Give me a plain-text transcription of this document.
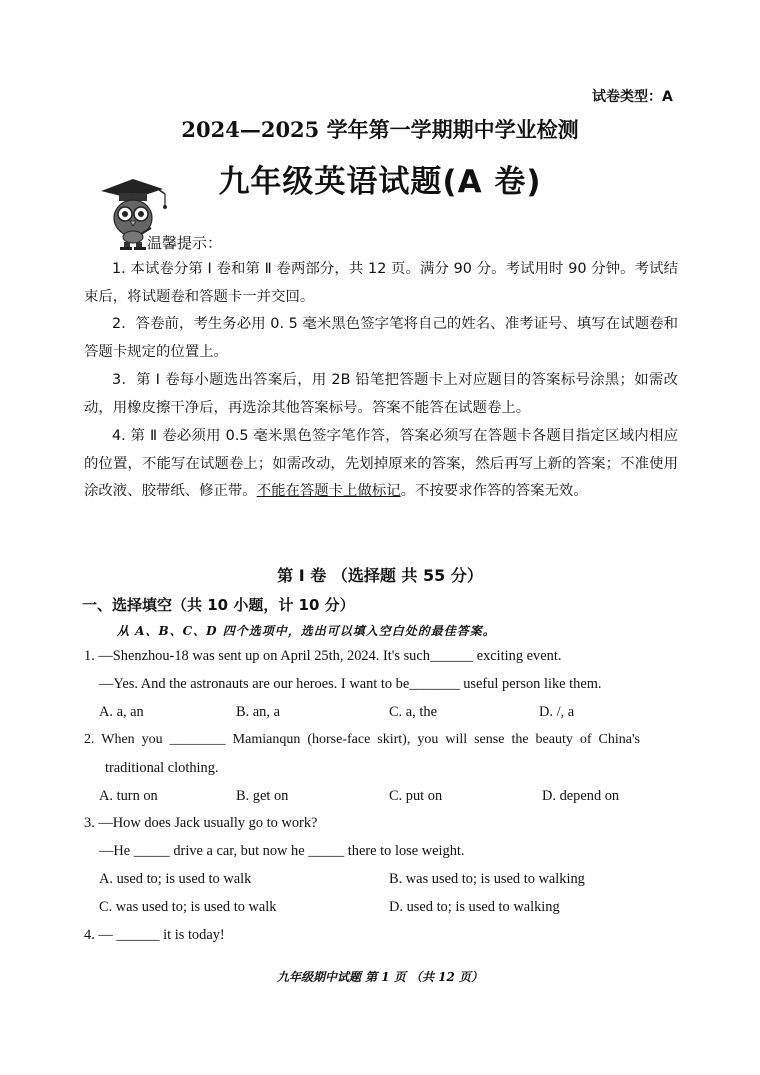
试卷类型：A
2024—2025 学年第一学期期中学业检测
九年级英语试题(A 卷)
温馨提示：
1. 本试卷分第 Ⅰ 卷和第 Ⅱ 卷两部分，共 12 页。满分 90 分。考试用时 90 分钟。考试结束后，将试题卷和答题卡一并交回。
2．答卷前，考生务必用 0. 5 毫米黑色签字笔将自己的姓名、准考证号、填写在试题卷和答题卡规定的位置上。
3．第 Ⅰ 卷每小题选出答案后，用 2B 铅笔把答题卡上对应题目的答案标号涂黑；如需改动，用橡皮擦干净后，再选涂其他答案标号。答案不能答在试题卷上。
4. 第 Ⅱ 卷必须用 0.5 毫米黑色签字笔作答，答案必须写在答题卡各题目指定区域内相应的位置，不能写在试题卷上；如需改动，先划掉原来的答案，然后再写上新的答案；不准使用涂改液、胶带纸、修正带。不能在答题卡上做标记。不按要求作答的答案无效。
第 Ⅰ 卷 （选择题 共 55 分）
一、选择填空（共 10 小题，计 10 分）
从 A、B、C、D 四个选项中，选出可以填入空白处的最佳答案。
1. —Shenzhou-18 was sent up on April 25th, 2024. It's such______ exciting event.
—Yes. And the astronauts are our heroes. I want to be_______ useful person like them.
A. a, an	B. an, a	C. a, the	D. /, a
2.  When  you  ________  Mamianqun  (horse-face  skirt),  you  will  sense  the  beauty  of  China's
traditional clothing.
A. turn on	B. get on	C. put on	D. depend on
3. —How does Jack usually go to work?
—He _____ drive a car, but now he _____ there to lose weight.
A. used to; is used to walk	B. was used to; is used to walking
C. was used to; is used to walk	D. used to; is used to walking
4. — ______ it is today!
九年级期中试题 第 1 页 （共 12 页）
